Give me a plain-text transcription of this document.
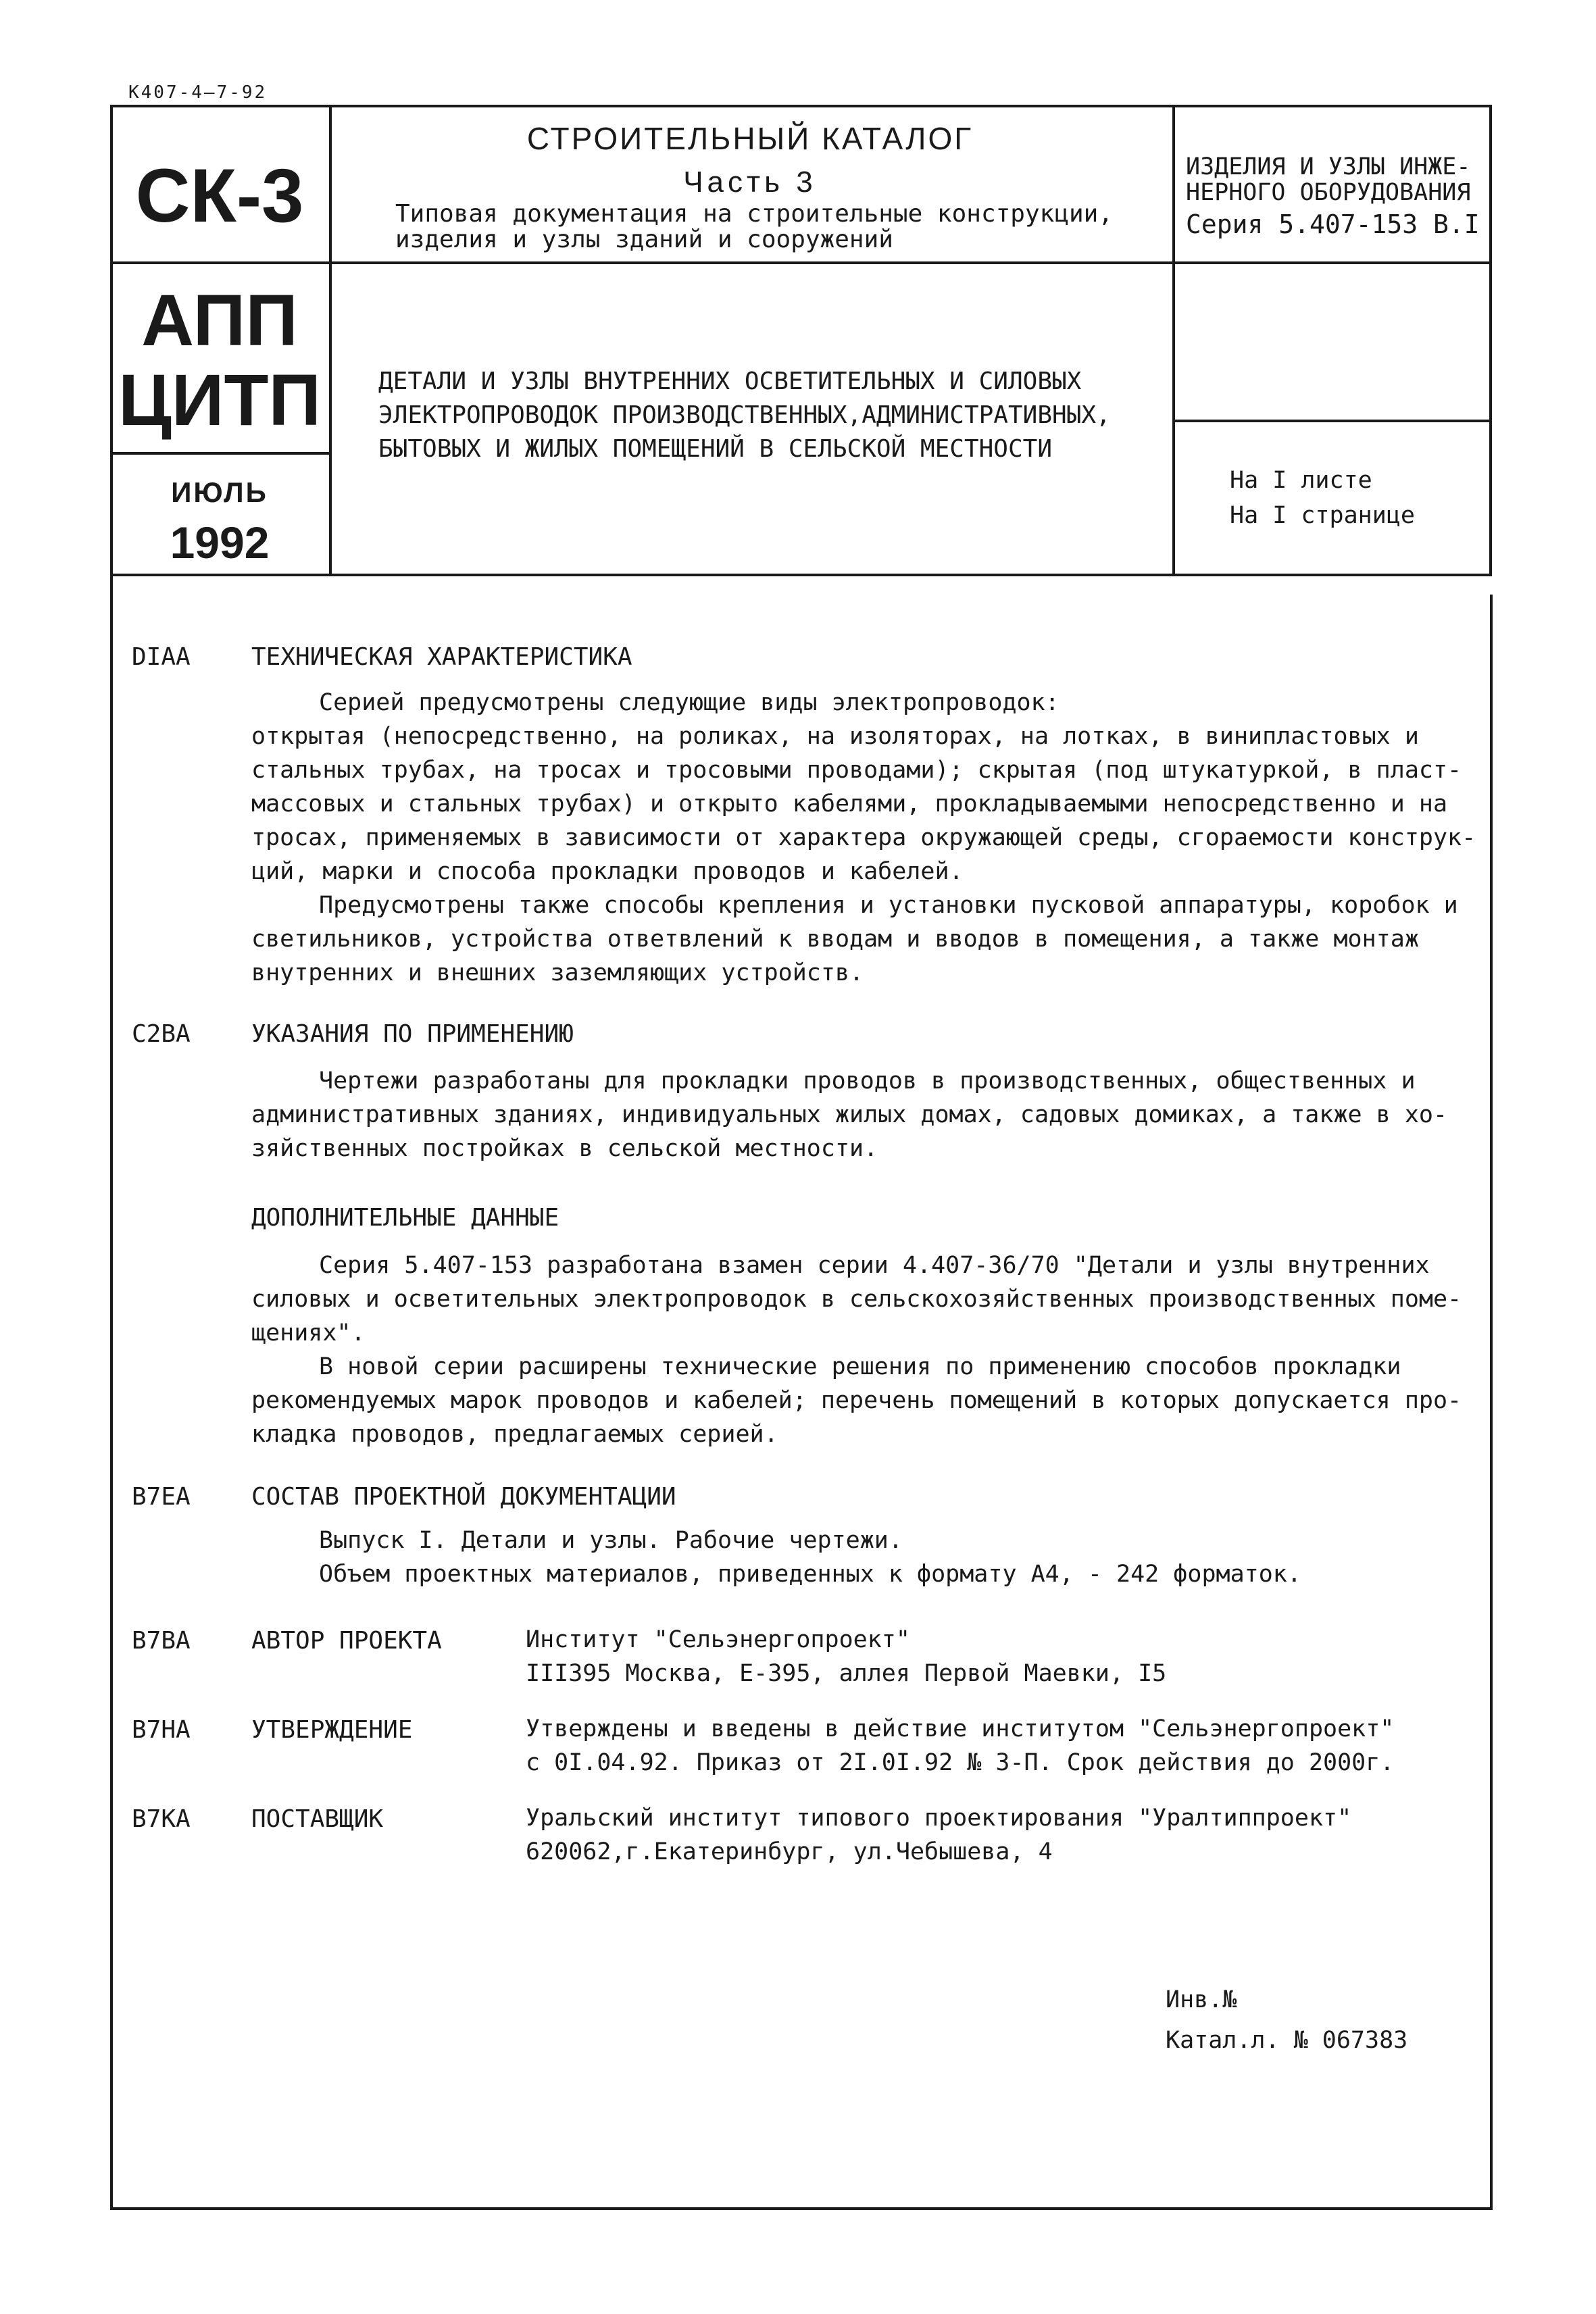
К407-4—7-92
СК-3
АПП
ЦИТП
ИЮЛЬ
1992
СТРОИТЕЛЬНЫЙ КАТАЛОГ
Часть 3
Типовая документация на строительные конструкции,
изделия и узлы зданий и сооружений
ИЗДЕЛИЯ И УЗЛЫ ИНЖЕ-
НЕРНОГО ОБОРУДОВАНИЯ
Серия 5.407-153 В.I
ДЕТАЛИ И УЗЛЫ ВНУТРЕННИХ ОСВЕТИТЕЛЬНЫХ И СИЛОВЫХ
ЭЛЕКТРОПРОВОДОК ПРОИЗВОДСТВЕННЫХ,АДМИНИСТРАТИВНЫХ,
БЫТОВЫХ И ЖИЛЫХ ПОМЕЩЕНИЙ В СЕЛЬСКОЙ МЕСТНОСТИ
На I листе
На I странице
DIAA	ТЕХНИЧЕСКАЯ ХАРАКТЕРИСТИКА
Серией предусмотрены следующие виды электропроводок:
открытая (непосредственно, на роликах, на изоляторах, на лотках, в винипластовых и
стальных трубах, на тросах и тросовыми проводами); скрытая (под штукатуркой, в пласт-
массовых и стальных трубах) и открыто кабелями, прокладываемыми непосредственно и на
тросах, применяемых в зависимости от характера окружающей среды, сгораемости конструк-
ций, марки и способа прокладки проводов и кабелей.
Предусмотрены также способы крепления и установки пусковой аппаратуры, коробок и
светильников, устройства ответвлений к вводам и вводов в помещения, а также монтаж
внутренних и внешних заземляющих устройств.
C2BA	УКАЗАНИЯ ПО ПРИМЕНЕНИЮ
Чертежи разработаны для прокладки проводов в производственных, общественных и
административных зданиях, индивидуальных жилых домах, садовых домиках, а также в хо-
зяйственных постройках в сельской местности.
ДОПОЛНИТЕЛЬНЫЕ ДАННЫЕ
Серия 5.407-153 разработана взамен серии 4.407-36/70 "Детали и узлы внутренних
силовых и осветительных электропроводок в сельскохозяйственных производственных поме-
щениях".
В новой серии расширены технические решения по применению способов прокладки
рекомендуемых марок проводов и кабелей; перечень помещений в которых допускается про-
кладка проводов, предлагаемых серией.
B7EA	СОСТАВ ПРОЕКТНОЙ ДОКУМЕНТАЦИИ
Выпуск I. Детали и узлы. Рабочие чертежи.
Объем проектных материалов, приведенных к формату А4, - 242 форматок.
B7BA	АВТОР ПРОЕКТА	Институт "Сельэнергопроект"
III395 Москва, Е-395, аллея Первой Маевки, I5
B7HA	УТВЕРЖДЕНИЕ	Утверждены и введены в действие институтом "Сельэнергопроект"
с 0I.04.92. Приказ от 2I.0I.92 № 3-П. Срок действия до 2000г.
B7KA	ПОСТАВЩИК	Уральский институт типового проектирования "Уралтиппроект"
620062,г.Екатеринбург, ул.Чебышева, 4
Инв.№
Катал.л. № 067383
